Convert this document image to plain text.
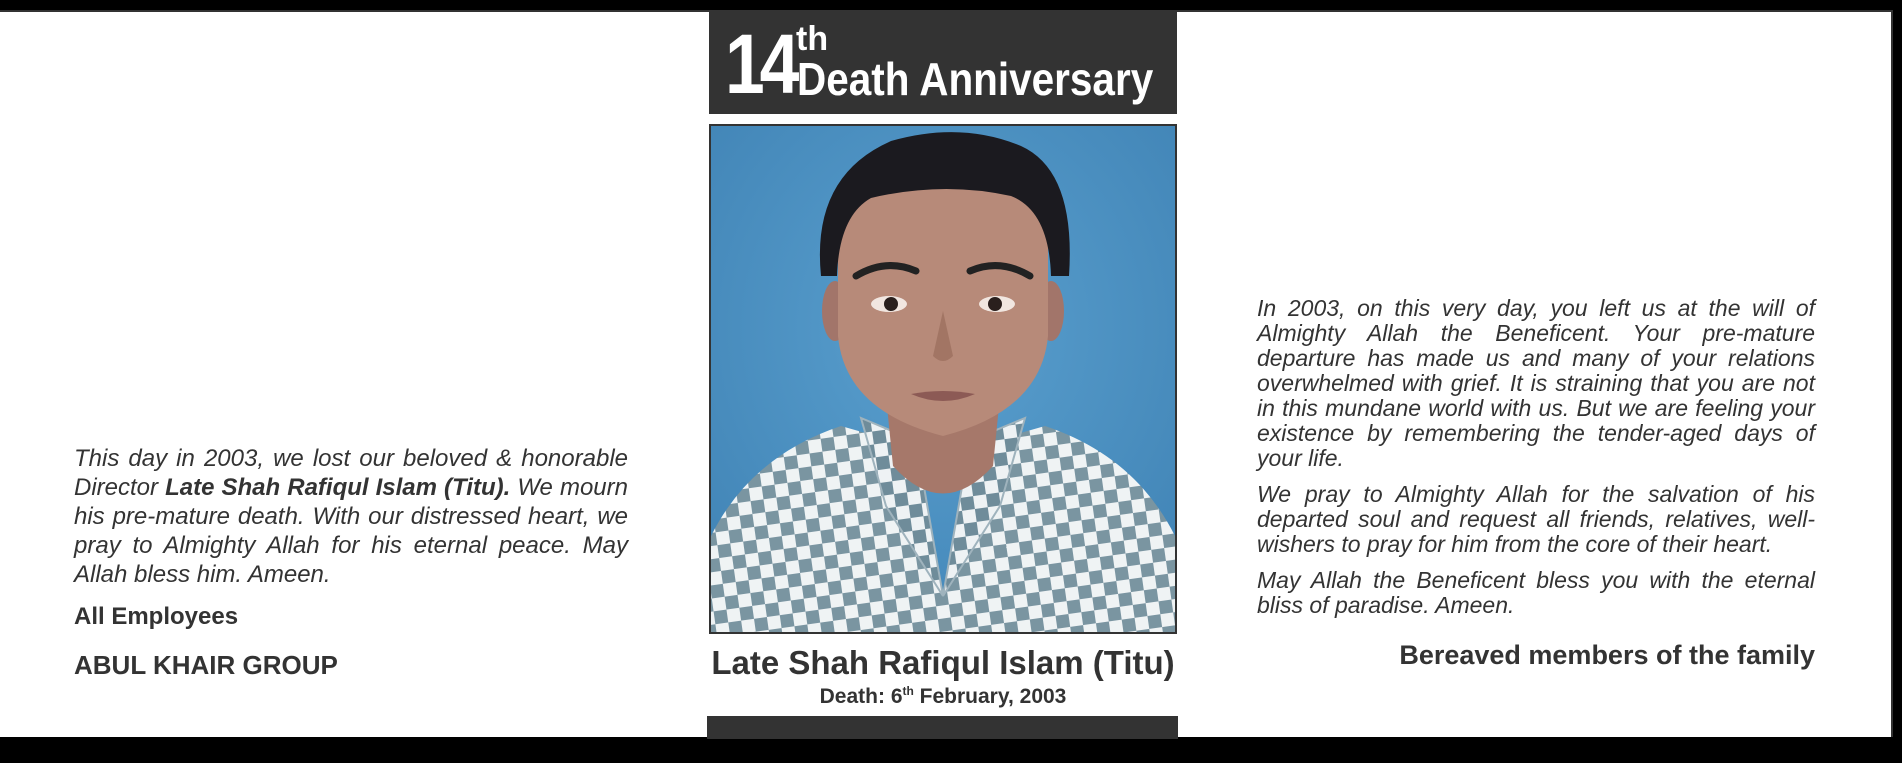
This day in 2003, we lost our beloved & honorable Director Late Shah Rafiqul Islam (Titu). We mourn his pre-mature death. With our distressed heart, we pray to Almighty Allah for his eternal peace. May Allah bless him. Ameen.

All Employees
ABUL KHAIR GROUP
14 th
Death Anniversary
Late Shah Rafiqul Islam (Titu)
Death: 6th February, 2003

In 2003, on this very day, you left us at the will of Almighty Allah the Beneficent. Your pre-mature departure has made us and many of your relations overwhelmed with grief. It is straining that you are not in this mundane world with us. But we are feeling your existence by remembering the tender-aged days of your life.

We pray to Almighty Allah for the salvation of his departed soul and request all friends, relatives, well-wishers to pray for him from the core of their heart.

May Allah the Beneficent bless you with the eternal bliss of paradise. Ameen.

Bereaved members of the family
